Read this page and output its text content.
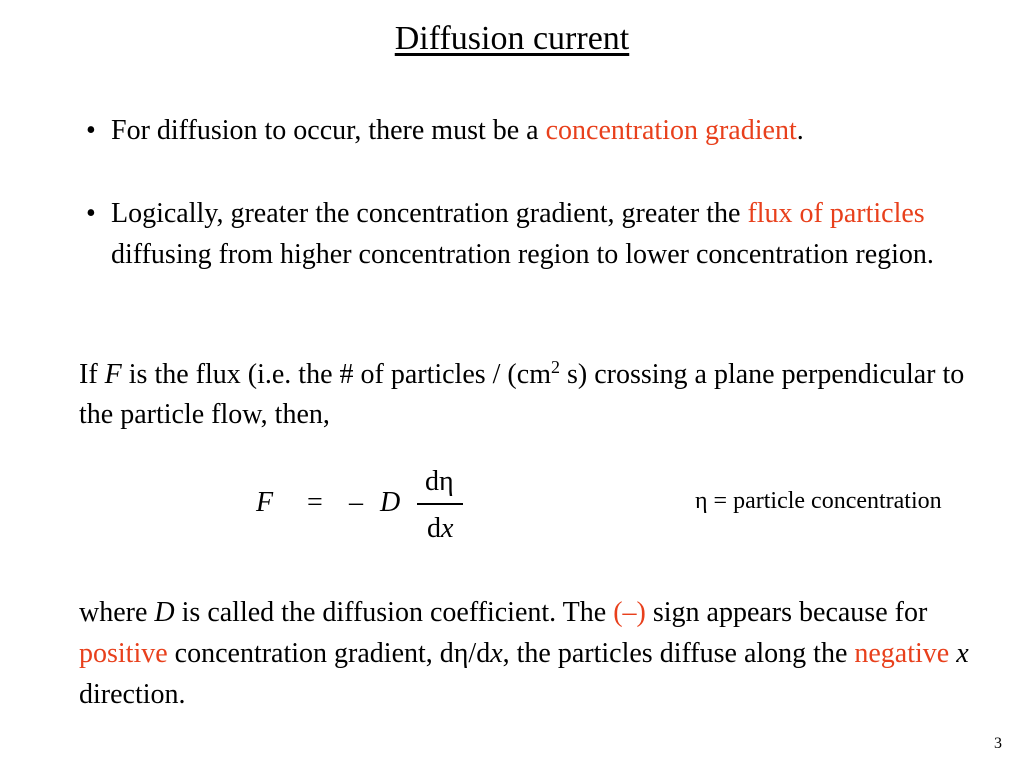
Diffusion current
• For diffusion to occur, there must be a concentration gradient.
• Logically, greater the concentration gradient, greater the flux of particles diffusing from higher concentration region to lower concentration region.
If F is the flux (i.e. the # of particles / ($cm^2$ s) crossing a plane perpendicular to the particle flow, then,
F = – D
dη
dx
η = particle concentration
where D is called the diffusion coefficient. The (–) sign appears because for positive concentration gradient, dη/dx, the particles diffuse along the negative x direction.
3
